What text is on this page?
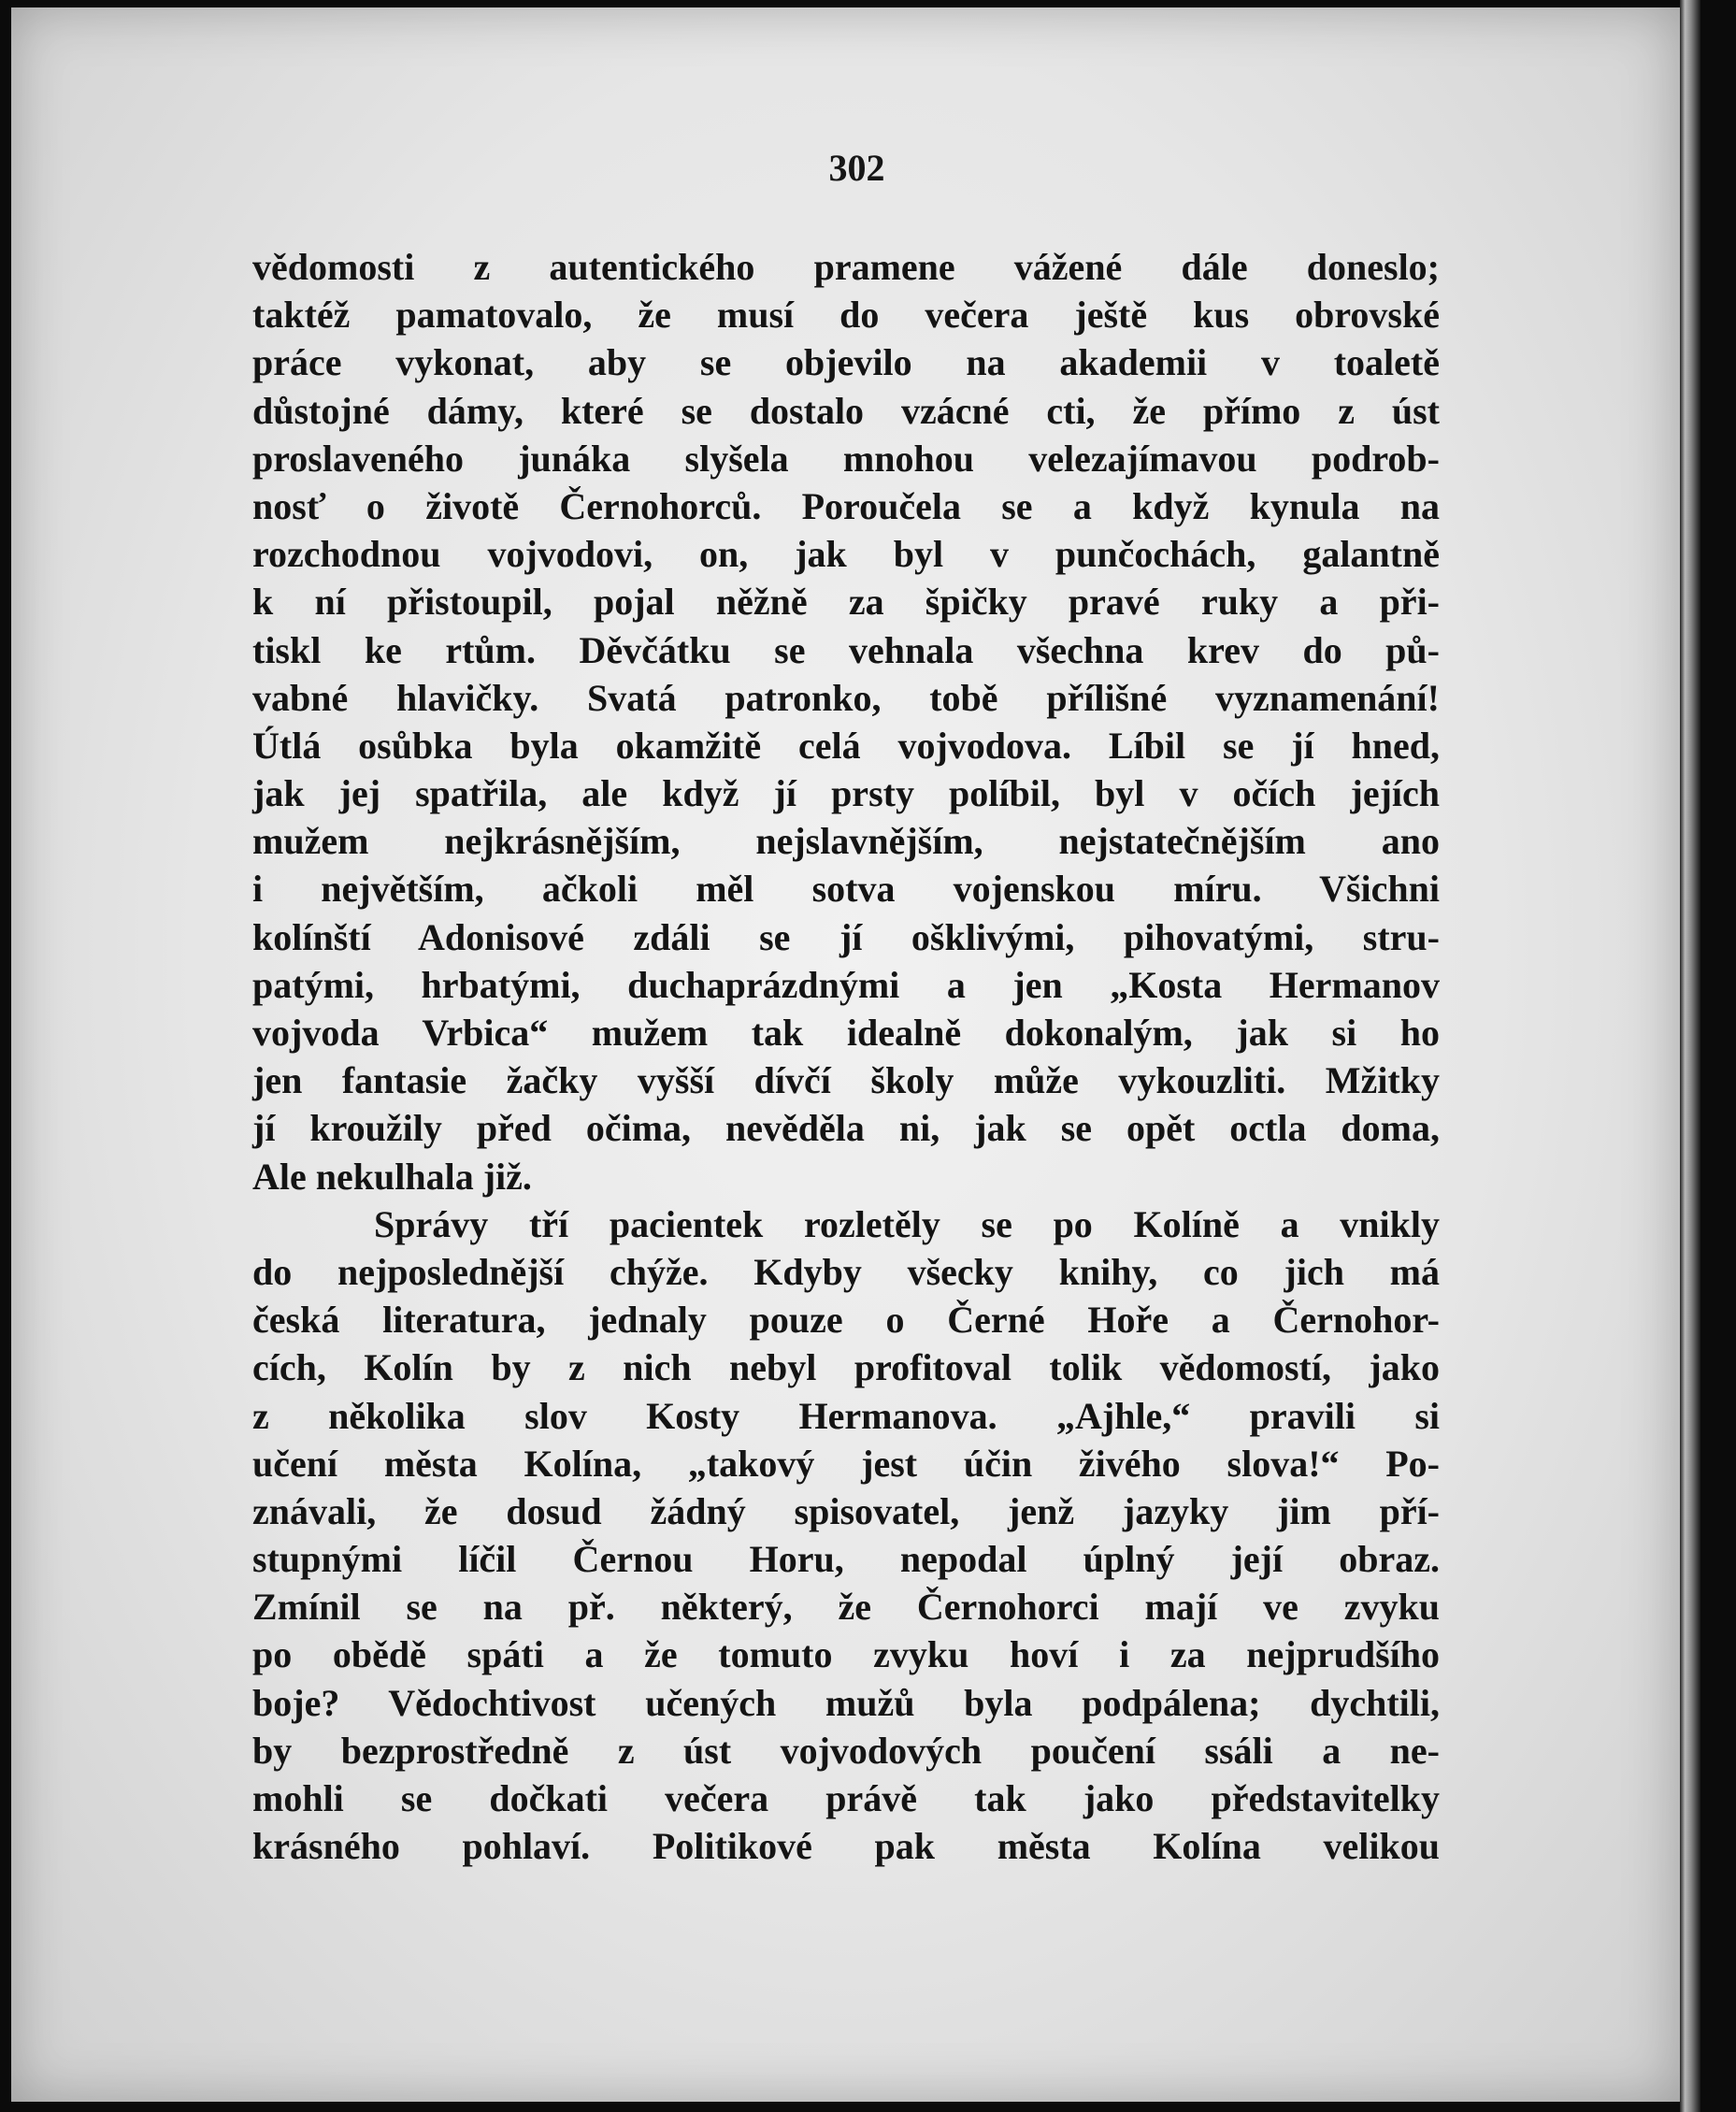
302
vědomosti z autentického pramene vážené dále doneslo;
taktéž pamatovalo, že musí do večera ještě kus obrovské
práce vykonat, aby se objevilo na akademii v toaletě
důstojné dámy, které se dostalo vzácné cti, že přímo z úst
proslaveného junáka slyšela mnohou velezajímavou podrob-
nosť o životě Černohorců. Poroučela se a když kynula na
rozchodnou vojvodovi, on, jak byl v punčochách, galantně
k ní přistoupil, pojal něžně za špičky pravé ruky a při-
tiskl ke rtům. Děvčátku se vehnala všechna krev do pů-
vabné hlavičky. Svatá patronko, tobě přílišné vyznamenání!
Útlá osůbka byla okamžitě celá vojvodova. Líbil se jí hned,
jak jej spatřila, ale když jí prsty políbil, byl v očích jejích
mužem nejkrásnějším, nejslavnějším, nejstatečnějším ano
i největším, ačkoli měl sotva vojenskou míru. Všichni
kolínští Adonisové zdáli se jí ošklivými, pihovatými, stru-
patými, hrbatými, duchaprázdnými a jen „Kosta Hermanov
vojvoda Vrbica“ mužem tak idealně dokonalým, jak si ho
jen fantasie žačky vyšší dívčí školy může vykouzliti. Mžitky
jí kroužily před očima, nevěděla ni, jak se opět octla doma,
Ale nekulhala již.
Správy tří pacientek rozletěly se po Kolíně a vnikly
do nejposlednější chýže. Kdyby všecky knihy, co jich má
česká literatura, jednaly pouze o Černé Hoře a Černohor-
cích, Kolín by z nich nebyl profitoval tolik vědomostí, jako
z několika slov Kosty Hermanova. „Ajhle,“ pravili si
učení města Kolína, „takový jest účin živého slova!“ Po-
znávali, že dosud žádný spisovatel, jenž jazyky jim pří-
stupnými líčil Černou Horu, nepodal úplný její obraz.
Zmínil se na př. některý, že Černohorci mají ve zvyku
po obědě spáti a že tomuto zvyku hoví i za nejprudšího
boje? Vědochtivost učených mužů byla podpálena; dychtili,
by bezprostředně z úst vojvodových poučení ssáli a ne-
mohli se dočkati večera právě tak jako představitelky
krásného pohlaví. Politikové pak města Kolína velikou
